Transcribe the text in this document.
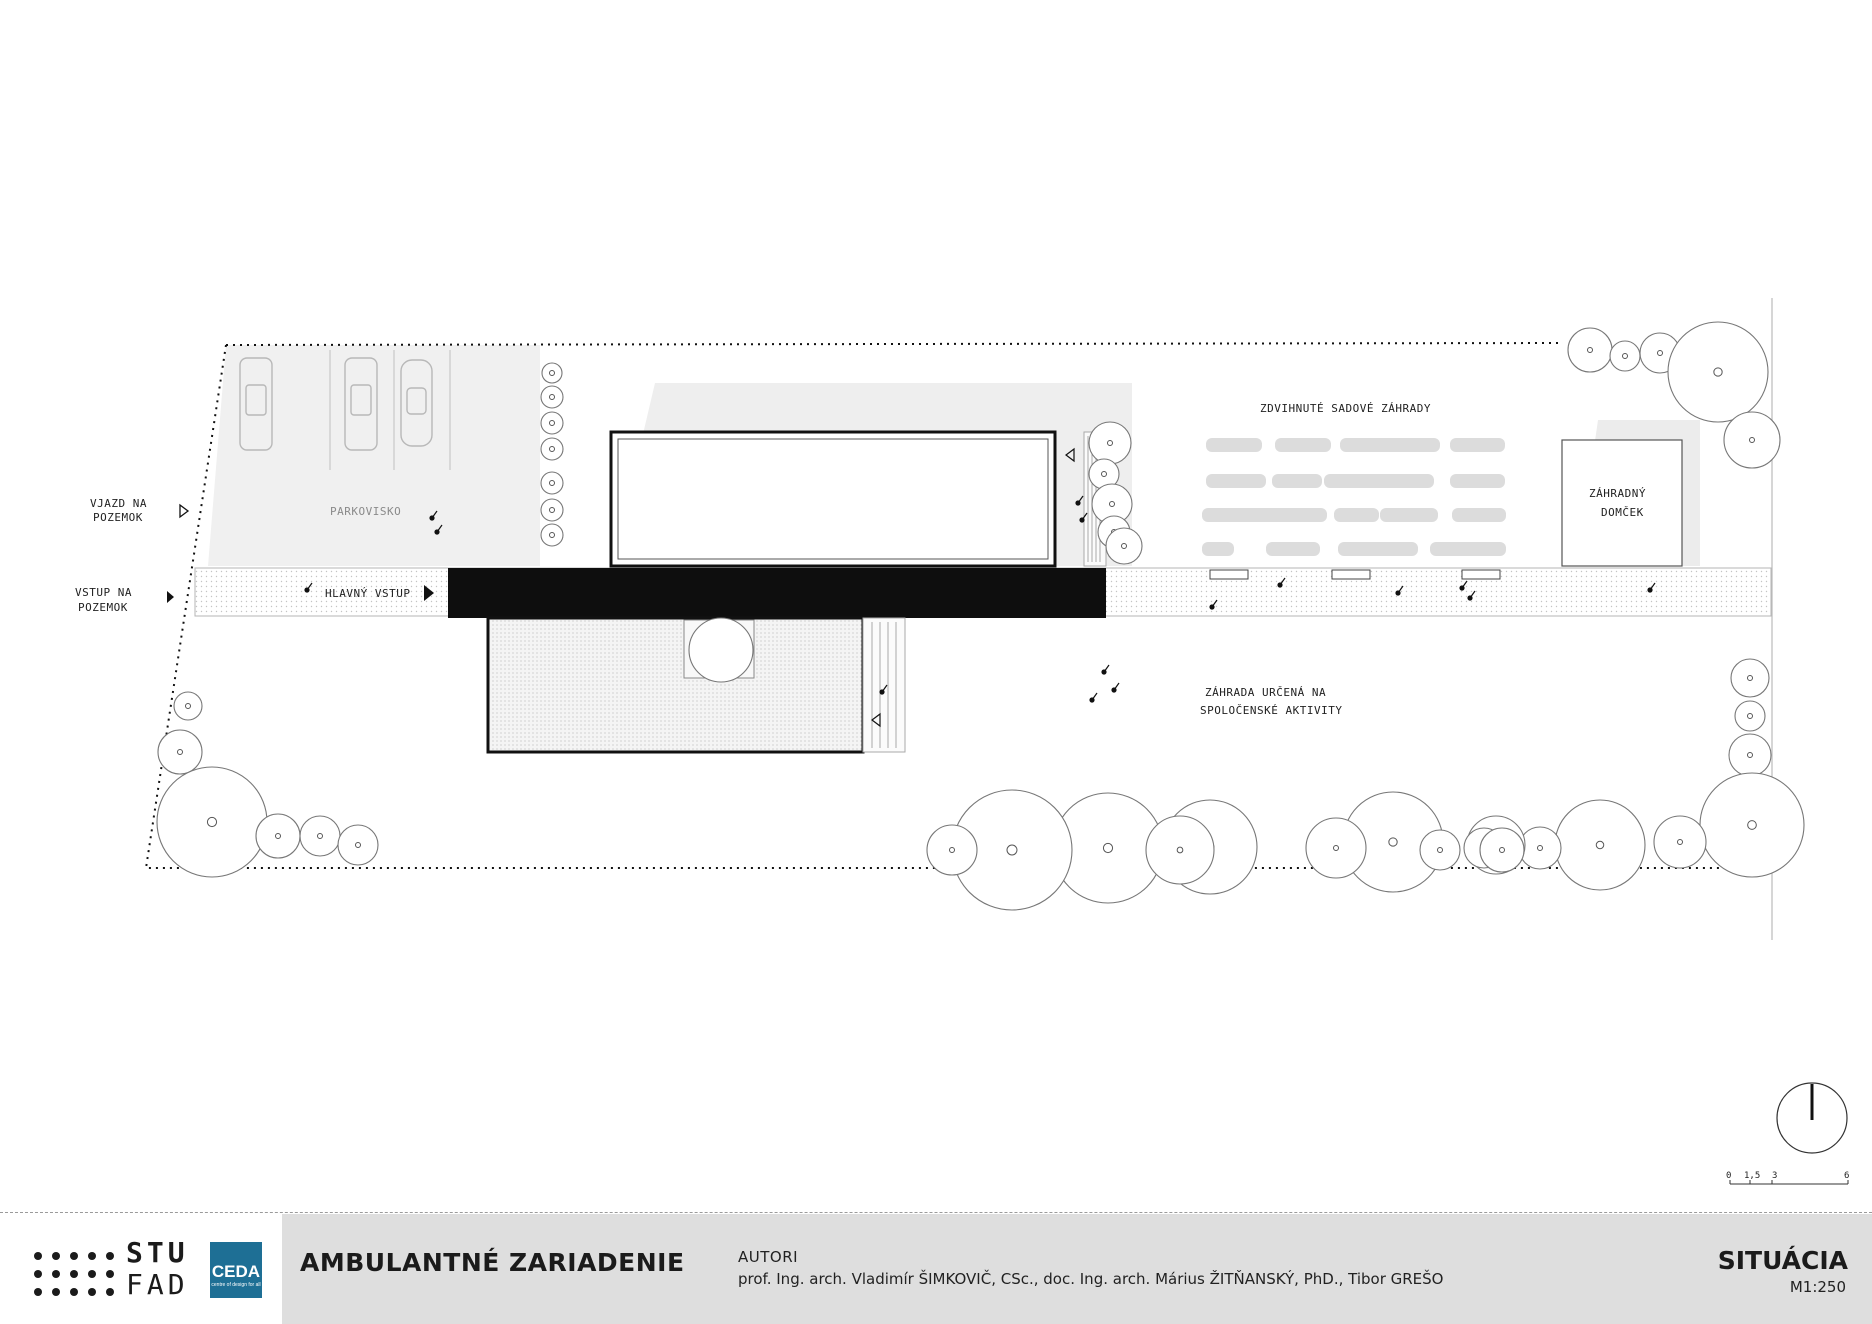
VJAZD NA
POZEMOK
VSTUP NA
POZEMOK
PARKOVISKO
HLAVNÝ VSTUP
ZDVIHNUTÉ SADOVÉ ZÁHRADY
ZÁHRADNÝ
DOMČEK
ZÁHRADA URČENÁ NA
SPOLOČENSKÉ AKTIVITY
0 1,5 3	6
STU
FAD CEDA
centre of design for all
AMBULANTNÉ ZARIADENIE	AUTORI
prof. Ing. arch. Vladimír ŠIMKOVIČ, CSc., doc. Ing. arch. Márius ŽITŇANSKÝ, PhD., Tibor GREŠO
SITUÁCIA
M1:250
